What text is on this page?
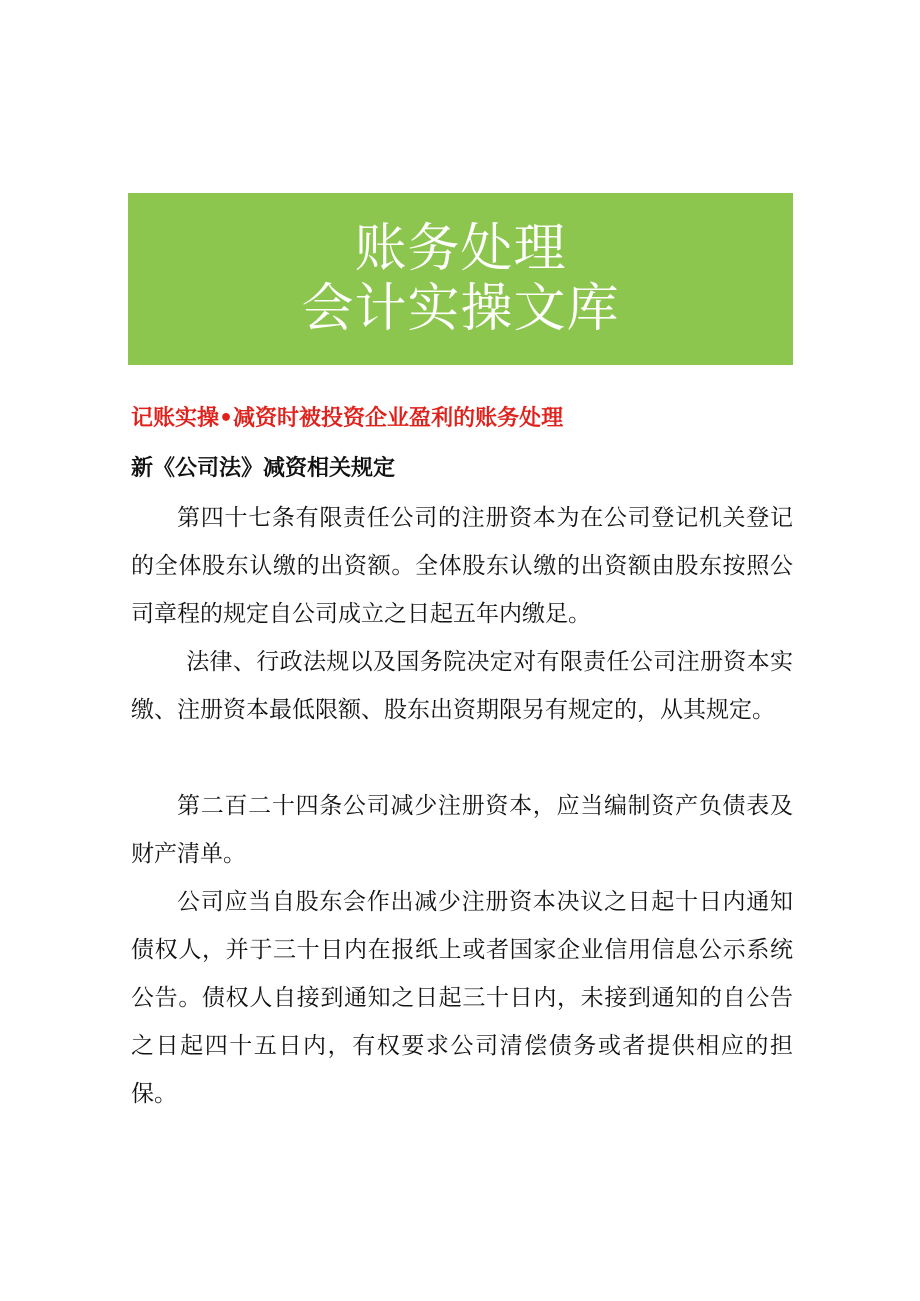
账务处理
会计实操文库
记账实操•减资时被投资企业盈利的账务处理
新《公司法》减资相关规定

第四十七条有限责任公司的注册资本为在公司登记机关登记的全体股东认缴的出资额。全体股东认缴的出资额由股东按照公司章程的规定自公司成立之日起五年内缴足。

法律、行政法规以及国务院决定对有限责任公司注册资本实缴、注册资本最低限额、股东出资期限另有规定的，从其规定。

第二百二十四条公司减少注册资本，应当编制资产负债表及财产清单。

公司应当自股东会作出减少注册资本决议之日起十日内通知债权人，并于三十日内在报纸上或者国家企业信用信息公示系统公告。债权人自接到通知之日起三十日内，未接到通知的自公告之日起四十五日内，有权要求公司清偿债务或者提供相应的担保。
